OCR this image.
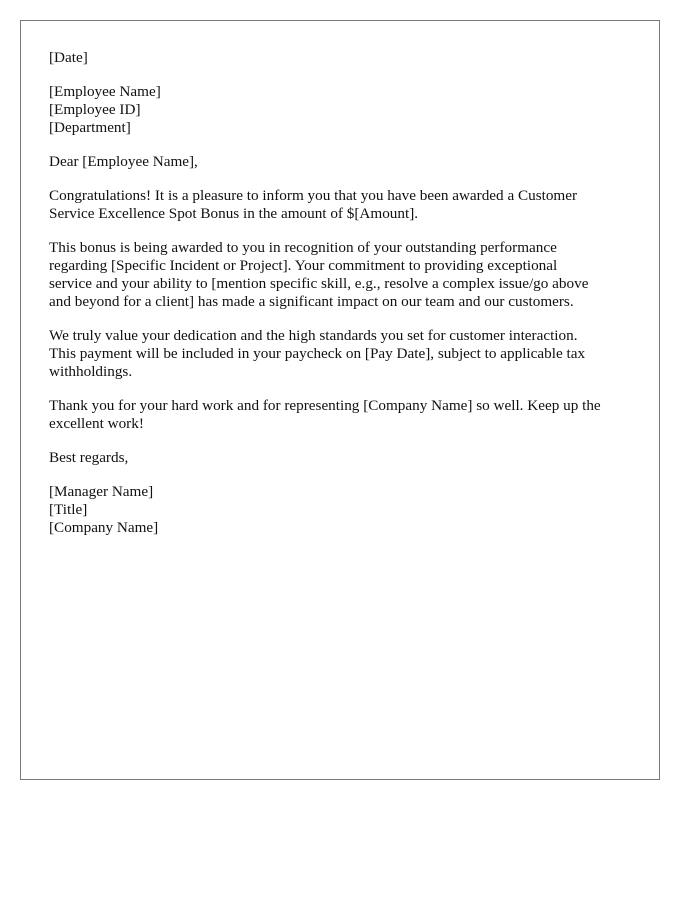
[Date]
[Employee Name]
[Employee ID]
[Department]
Dear [Employee Name],
Congratulations! It is a pleasure to inform you that you have been awarded a Customer
Service Excellence Spot Bonus in the amount of $[Amount].
This bonus is being awarded to you in recognition of your outstanding performance
regarding [Specific Incident or Project]. Your commitment to providing exceptional
service and your ability to [mention specific skill, e.g., resolve a complex issue/go above
and beyond for a client] has made a significant impact on our team and our customers.
We truly value your dedication and the high standards you set for customer interaction.
This payment will be included in your paycheck on [Pay Date], subject to applicable tax
withholdings.
Thank you for your hard work and for representing [Company Name] so well. Keep up the
excellent work!
Best regards,
[Manager Name]
[Title]
[Company Name]
